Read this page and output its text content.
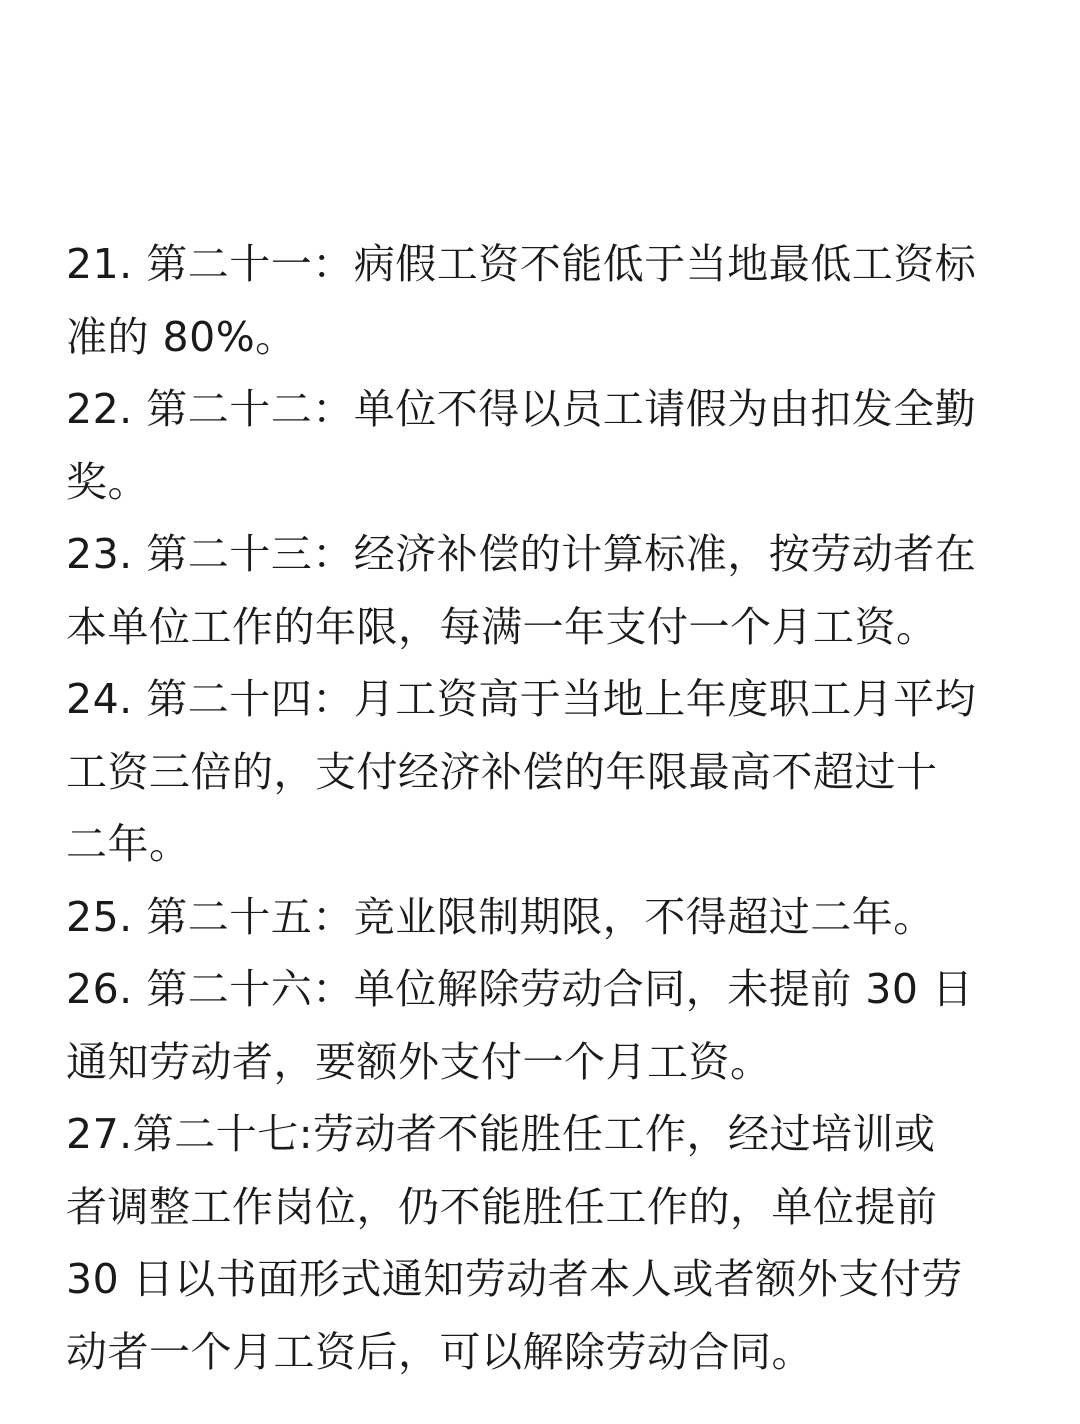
21. 第二十一：病假工资不能低于当地最低工资标
准的 80%。

22. 第二十二：单位不得以员工请假为由扣发全勤
奖。

23. 第二十三：经济补偿的计算标准，按劳动者在
本单位工作的年限，每满一年支付一个月工资。

24. 第二十四：月工资高于当地上年度职工月平均
工资三倍的，支付经济补偿的年限最高不超过十
二年。

25. 第二十五：竞业限制期限，不得超过二年。

26. 第二十六：单位解除劳动合同，未提前 30 日
通知劳动者，要额外支付一个月工资。

27.第二十七:劳动者不能胜任工作，经过培训或
者调整工作岗位，仍不能胜任工作的，单位提前
30 日以书面形式通知劳动者本人或者额外支付劳
动者一个月工资后，可以解除劳动合同。
